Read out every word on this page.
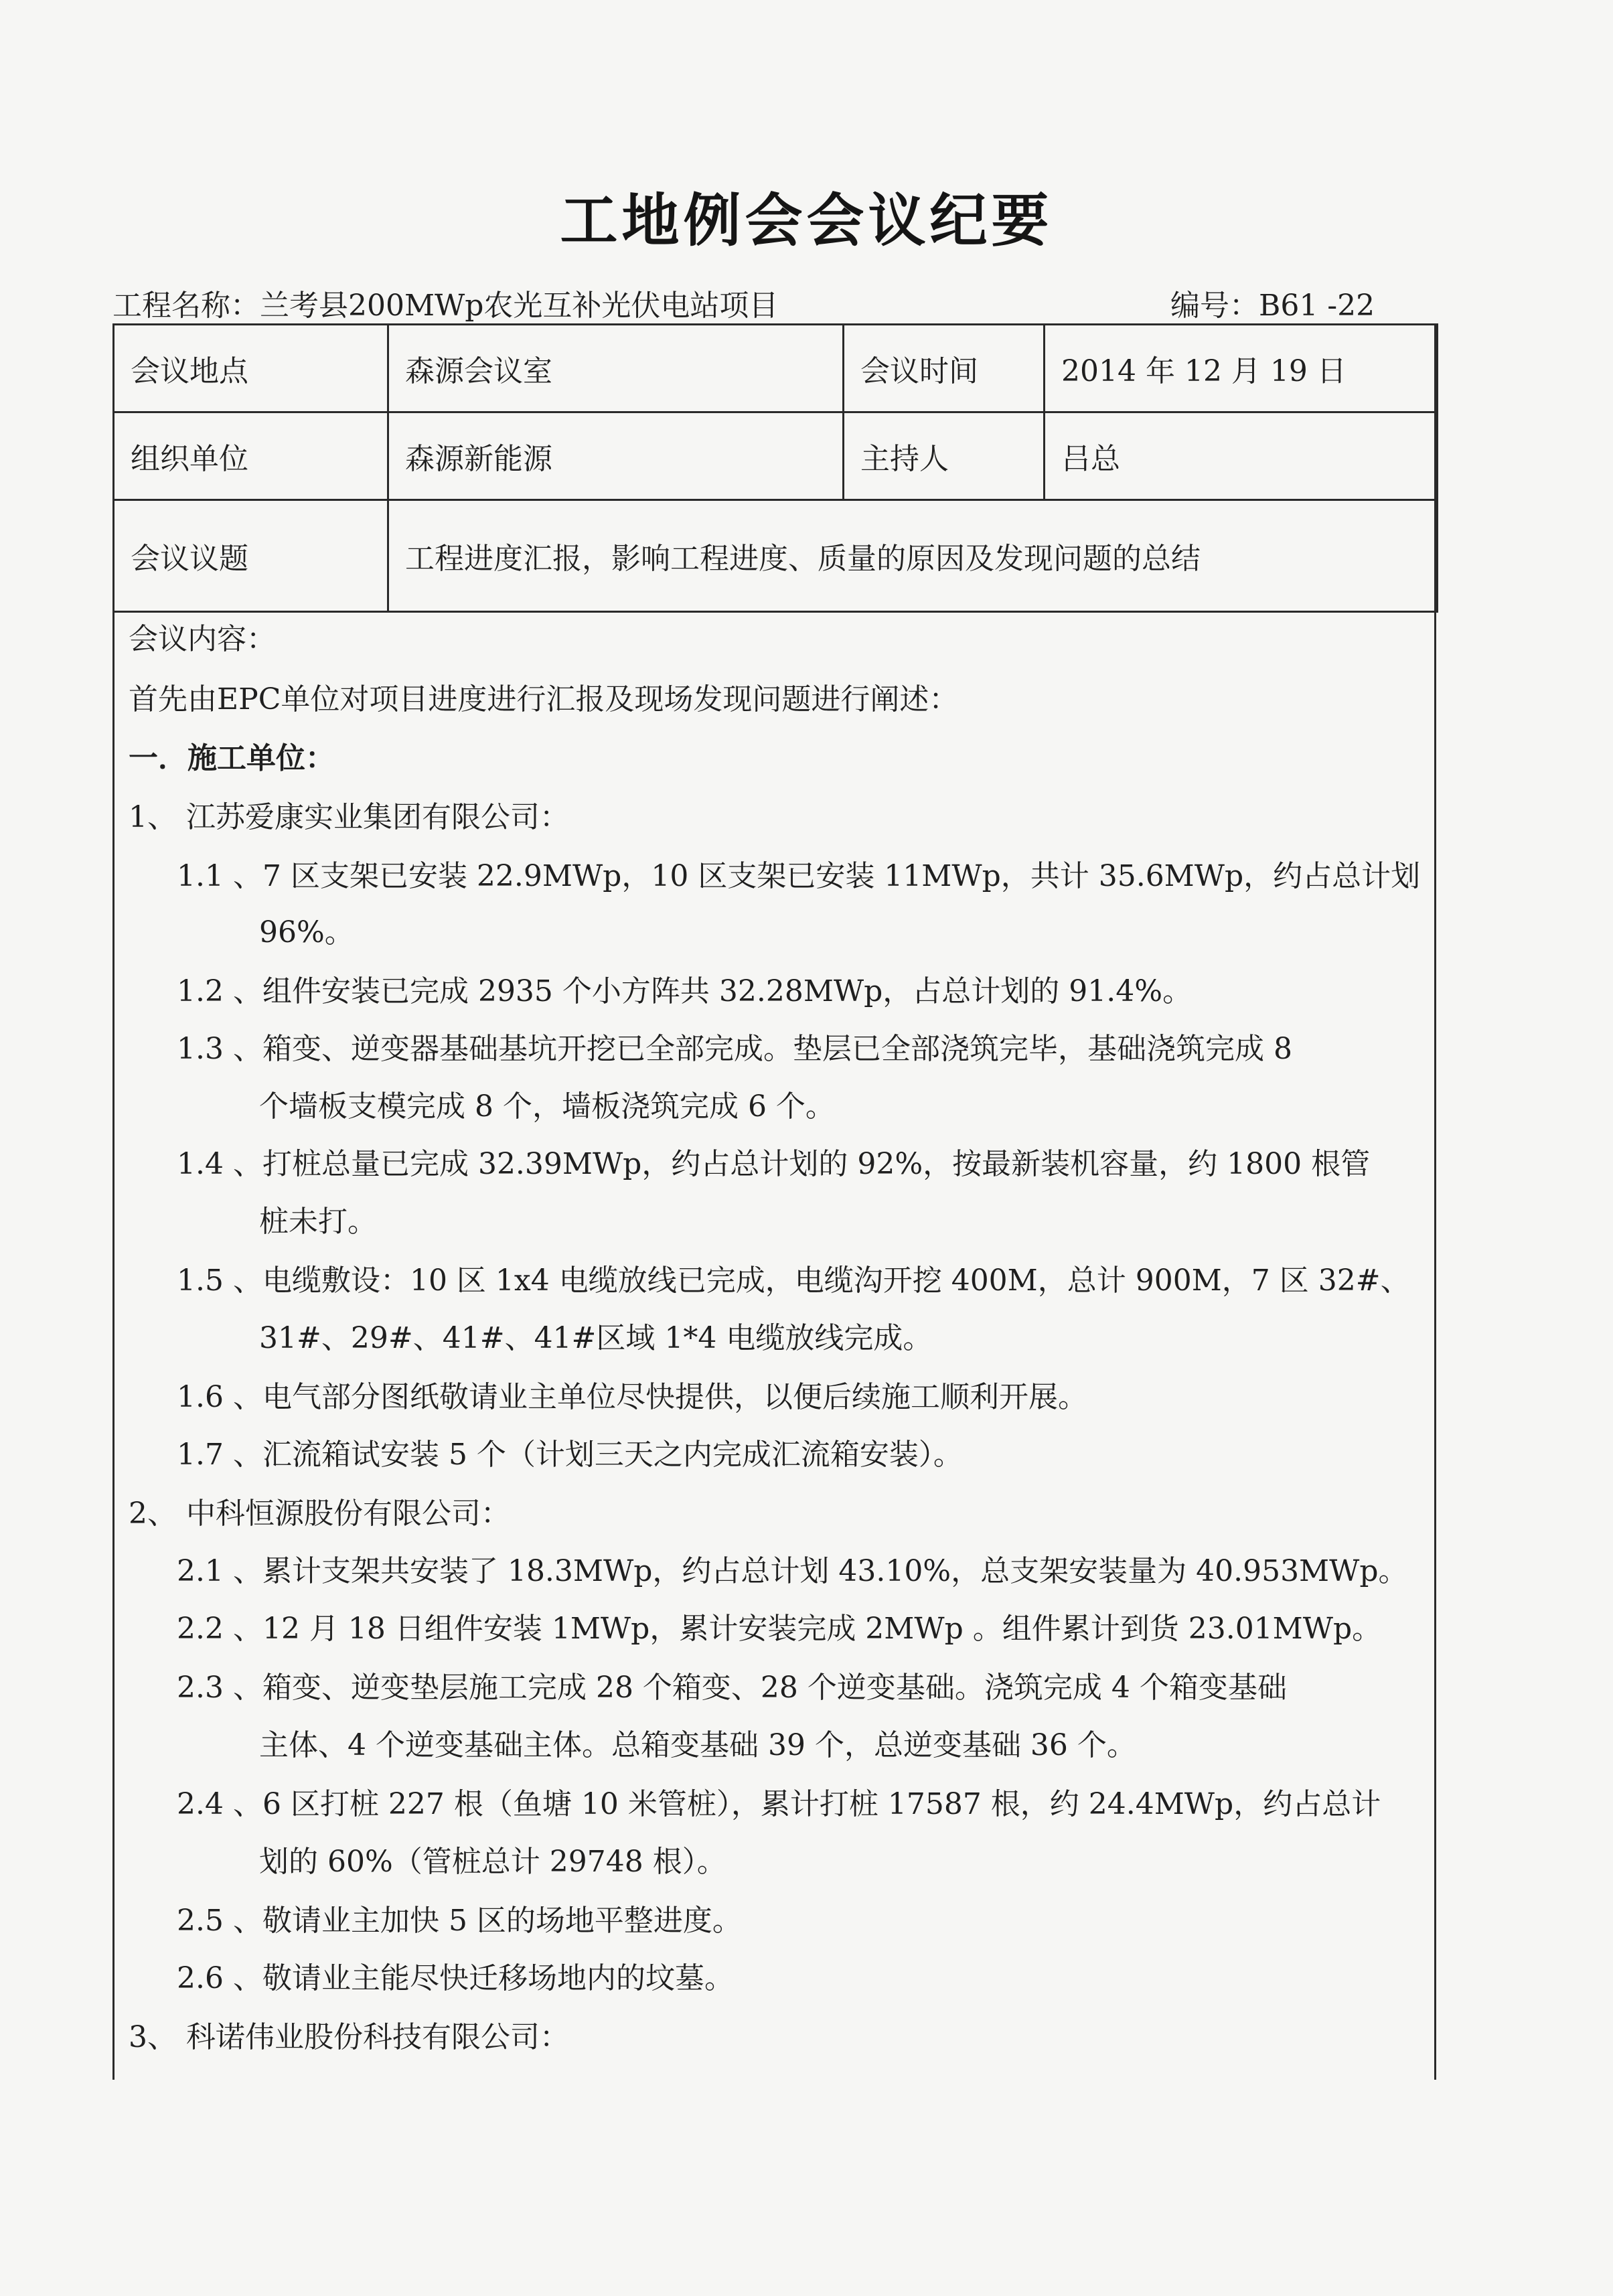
工地例会会议纪要
工程名称：兰考县200MWp农光互补光伏电站项目	编号：B61 -22
会议地点	森源会议室	会议时间	2014 年 12 月 19 日
组织单位	森源新能源	主持人	吕总
会议议题	工程进度汇报，影响工程进度、质量的原因及发现问题的总结		
会议内容：
首先由EPC单位对项目进度进行汇报及现场发现问题进行阐述：
一．施工单位：
1、 江苏爱康实业集团有限公司：
1.1 、7 区支架已安装 22.9MWp，10 区支架已安装 11MWp，共计 35.6MWp，约占总计划
96%。
1.2 、组件安装已完成 2935 个小方阵共 32.28MWp，占总计划的 91.4%。
1.3 、箱变、逆变器基础基坑开挖已全部完成。垫层已全部浇筑完毕，基础浇筑完成 8
个墙板支模完成 8 个，墙板浇筑完成 6 个。
1.4 、打桩总量已完成 32.39MWp，约占总计划的 92%，按最新装机容量，约 1800 根管
桩未打。
1.5 、电缆敷设：10 区 1x4 电缆放线已完成，电缆沟开挖 400M，总计 900M，7 区 32#、
31#、29#、41#、41#区域 1*4 电缆放线完成。
1.6 、电气部分图纸敬请业主单位尽快提供，以便后续施工顺利开展。
1.7 、汇流箱试安装 5 个（计划三天之内完成汇流箱安装）。
2、 中科恒源股份有限公司：
2.1 、累计支架共安装了 18.3MWp，约占总计划 43.10%，总支架安装量为 40.953MWp。
2.2 、12 月 18 日组件安装 1MWp，累计安装完成 2MWp 。组件累计到货 23.01MWp。
2.3 、箱变、逆变垫层施工完成 28 个箱变、28 个逆变基础。浇筑完成 4 个箱变基础
主体、4 个逆变基础主体。总箱变基础 39 个，总逆变基础 36 个。
2.4 、6 区打桩 227 根（鱼塘 10 米管桩），累计打桩 17587 根，约 24.4MWp，约占总计
划的 60%（管桩总计 29748 根）。
2.5 、敬请业主加快 5 区的场地平整进度。
2.6 、敬请业主能尽快迁移场地内的坟墓。
3、 科诺伟业股份科技有限公司：
